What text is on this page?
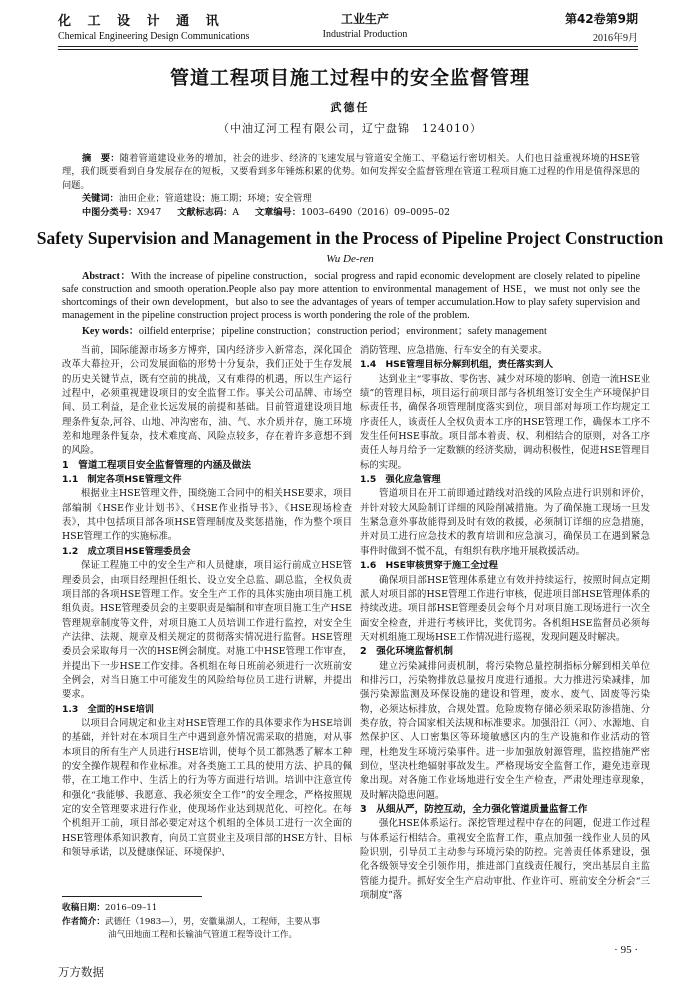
化 工 设 计 通 讯
Chemical Engineering Design Communications
工业生产
Industrial Production
第42卷第9期
2016年9月
管道工程项目施工过程中的安全监督管理
武德任
（中油辽河工程有限公司，辽宁盘锦　124010）
摘　要：随着管道建设业务的增加，社会的进步、经济的飞速发展与管道安全施工、平稳运行密切相关。人们也日益重视环境的HSE管理，我们既要看到自身发展存在的短板，又要看到多年锤炼积累的优势。如何发挥安全监督管理在管道工程项目施工过程的作用是值得深思的问题。
关键词：油田企业；管道建设；施工期；环境；安全管理
中图分类号：X947 文献标志码：A 文章编号：1003–6490（2016）09–0095–02
Safety Supervision and Management in the Process of Pipeline Project Construction
Wu De-ren
Abstract：With the increase of pipeline construction，social progress and rapid economic development are closely related to pipeline safe construction and smooth operation.People also pay more attention to environmental management of HSE，we must not only see the shortcomings of their own development，but also to see the advantages of years of temper accumulation.How to play safety supervision and management in the pipeline construction project process is worth pondering the role of the problem.
Key words：oilfield enterprise；pipeline construction；construction period；environment；safety management

当前，国际能源市场多方博弈，国内经济步入新常态，深化国企改革大幕拉开，公司发展面临的形势十分复杂，我们正处于生存发展的历史关键节点，既有空前的挑战，又有难得的机遇，所以生产运行过程中，必须重视建设项目的安全监督工作。事关公司品牌、市场空间、员工利益，是企业长远发展的前提和基础。目前管道建设项目地理条件复杂,河谷、山地、冲沟密布，油、气、水介质并存，施工环境差和地理条件复杂，技术难度高、风险点较多，存在着许多意想不到的风险。

1　管道工程项目安全监督管理的内涵及做法
1.1　制定各项HSE管理文件

根据业主HSE管理文件，围绕施工合同中的相关HSE要求，项目部编制《HSE作业计划书》、《HSE作业指导书》、《HSE现场检查表》，其中包括项目部各项HSE管理制度及奖惩措施，作为整个项目HSE管理工作的实施标准。

1.2　成立项目HSE管理委员会

保证工程施工中的安全生产和人员健康，项目运行前成立HSE管理委员会，由项目经理担任组长、设立安全总监、副总监，全权负责项目部的各项HSE管理工作。安全生产工作的具体实施由项目施工机组负责。HSE管理委员会的主要职责是编制和审查项目施工生产HSE管理规章制度等文件，对项目施工人员培训工作进行监控，对安全生产法律、法规、规章及相关规定的贯彻落实情况进行监督。HSE管理委员会采取每月一次的HSE例会制度。对施工中HSE管理工作审查，并提出下一步HSE工作安排。各机组在每日班前必须进行一次班前安全例会，对当日施工中可能发生的风险给每位员工进行讲解，并提出要求。

1.3　全面的HSE培训

以项目合同规定和业主对HSE管理工作的具体要求作为HSE培训的基础，并针对在本项目生产中遇到意外情况需采取的措施，对从事本项目的所有生产人员进行HSE培训，使每个员工都熟悉了解本工种的安全操作规程和作业标准。对各类施工工具的使用方法、护具的佩带，在工地工作中、生活上的行为等方面进行培训。培训中注意宣传和强化“我能够、我愿意、我必须安全工作”的安全理念，严格按照规定的安全管理要求进行作业，使现场作业达到规范化、可控化。在每个机组开工前，项目部必要定对这个机组的全体员工进行一次全面的HSE管理体系知识教育，向员工宣贯业主及项目部的HSE方针、目标和领导承诺，以及健康保证、环境保护、

消防管理、应急措施、行车安全的有关要求。

1.4　HSE管理目标分解到机组，责任落实到人

达到业主“零事故、零伤害、减少对环境的影响、创造一流HSE业绩”的管理目标，项目运行前项目部与各机组签订安全生产环境保护目标责任书，确保各项管理制度落实到位，项目部对每项工作均规定工序责任人，该责任人全权负责本工序的HSE管理工作，确保本工序不发生任何HSE事故。项目部本着责、权、利相结合的原则，对各工序责任人每月给予一定数额的经济奖励，调动积极性，促进HSE管理目标的实现。

1.5　强化应急管理

管道项目在开工前即通过踏线对沿线的风险点进行识别和评价，并针对较大风险制订详细的风险削减措施。为了确保施工现场一旦发生紧急意外事故能得到及时有效的救援，必须制订详细的应急措施，并对员工进行应急技术的教育培训和应急演习，确保员工在遇到紧急事件时做到不慌不乱，有组织有秩序地开展救援活动。

1.6　HSE审核贯穿于施工全过程

确保项目部HSE管理体系建立有效并持续运行，按照时间点定期派人对项目部的HSE管理工作进行审核，促进项目部HSE管理体系的持续改进。项目部HSE管理委员会每个月对项目施工现场进行一次全面安全检查，并进行考核评比，奖优罚劣。各机组HSE监督员必须每天对机组施工现场HSE工作情况进行巡视，发现问题及时解决。

2　强化环境监督机制

建立污染减排问责机制，将污染物总量控制指标分解到相关单位和排污口，污染物排放总量按月度进行通报。大力推进污染减排，加强污染源监测及环保设施的建设和管理，废水、废气、固废等污染物，必须达标排放，合规处置。危险废物存储必须采取防渗措施、分类存放，符合国家相关法规和标准要求。加强沿江（河）、水源地、自然保护区、人口密集区等环境敏感区内的生产设施和作业活动的管理，杜绝发生环境污染事件。进一步加强放射源管理，监控措施严密到位，坚决杜绝辐射事故发生。严格现场安全监督工作，避免违章现象出现。对各施工作业场地进行安全生产检查，严肃处理违章现象，及时解决隐患问题。

3　从细从严，防控互动，全力强化管道质量监督工作

强化HSE体系运行。深挖管理过程中存在的问题，促进工作过程与体系运行相结合。重视安全监督工作，重点加强一线作业人员的风险识别，引导员工主动参与环境污染的防控。完善责任体系建设，强化各级领导安全引领作用，推进部门直线责任履行，突出基层自主监管能力提升。抓好安全生产启动审批、作业许可、班前安全分析会“三项制度”落

收稿日期：2016–09–11
作者简介：武德任（1983—），男，安徽巢湖人，工程师，主要从事
油气田地面工程和长输油气管道工程等设计工作。
· 95 ·
万方数据
